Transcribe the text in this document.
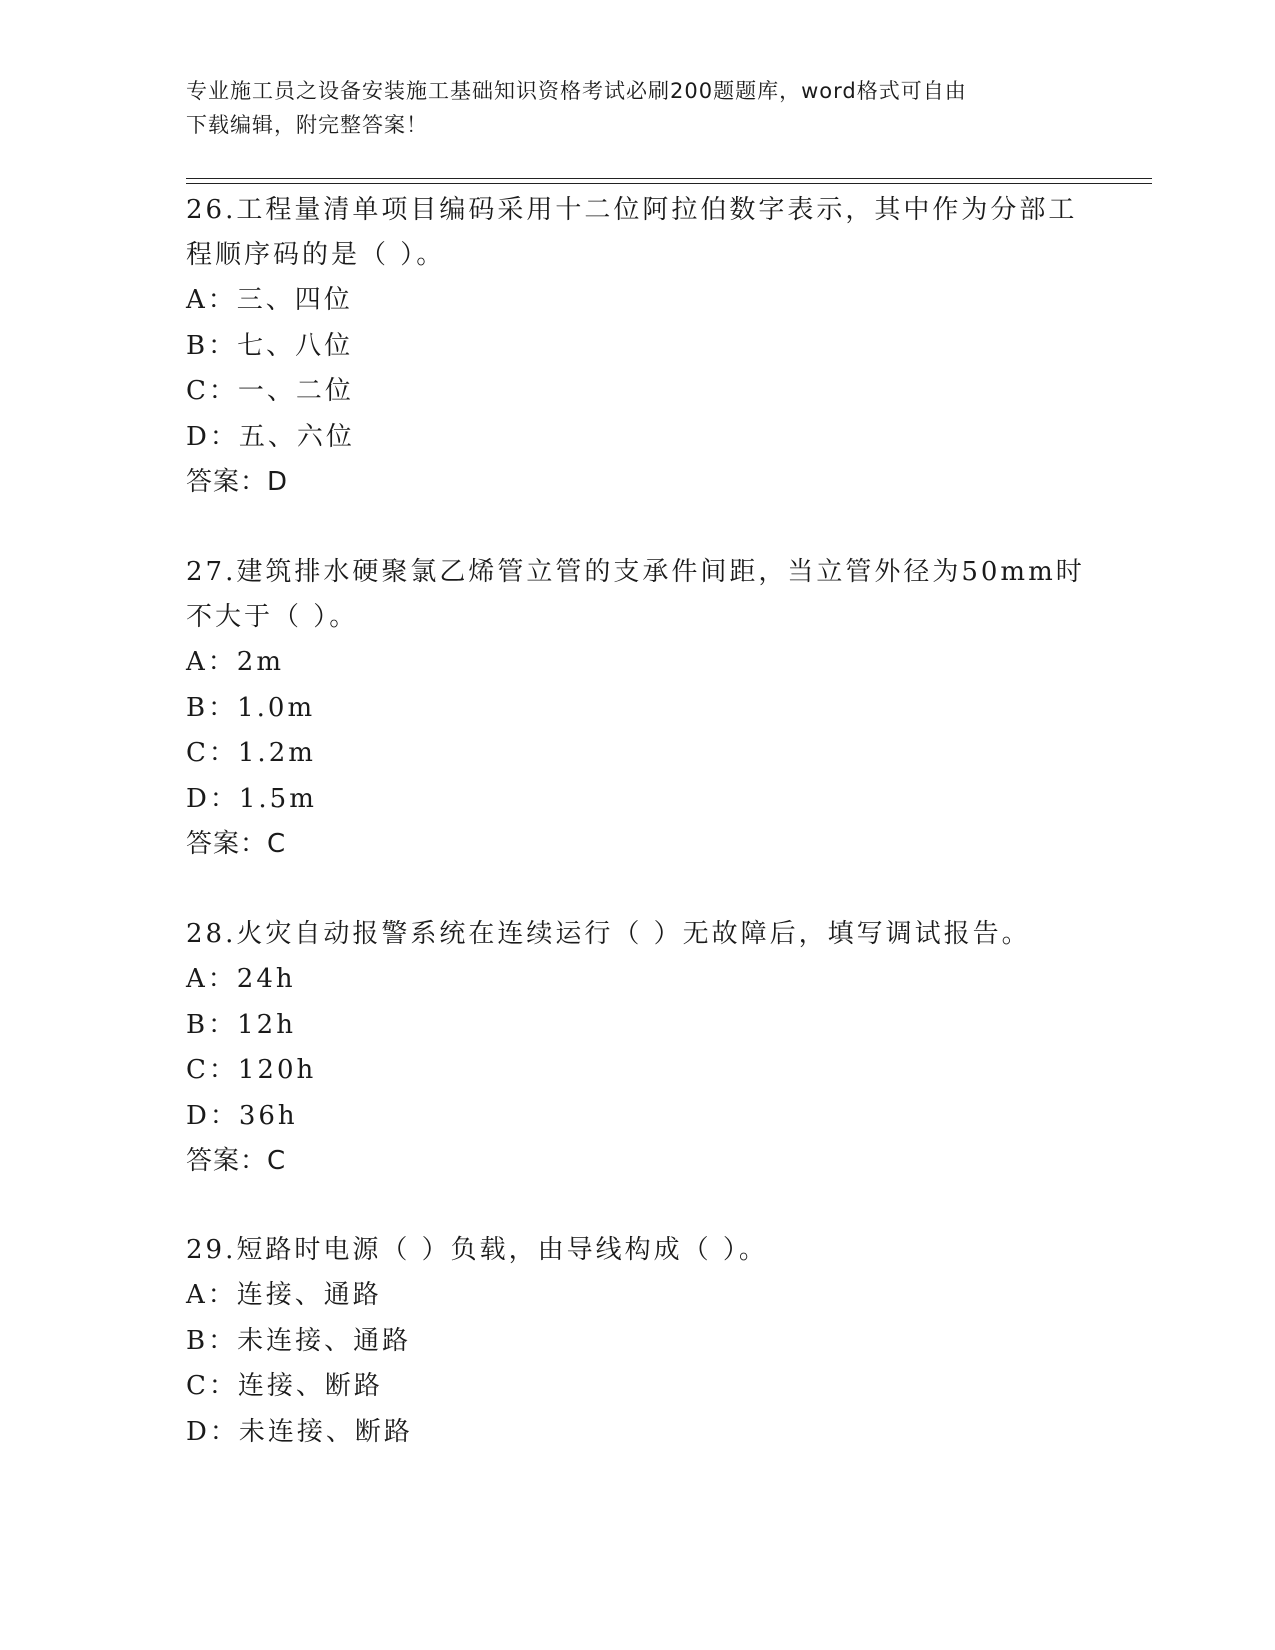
专业施工员之设备安装施工基础知识资格考试必刷200题题库，word格式可自由
下载编辑，附完整答案！
26.工程量清单项目编码采用十二位阿拉伯数字表示，其中作为分部工
程顺序码的是（ ）。
A：三、四位
B：七、八位
C：一、二位
D：五、六位
答案：D
27.建筑排水硬聚氯乙烯管立管的支承件间距，当立管外径为50mm时
不大于（ ）。
A：2m
B：1.0m
C：1.2m
D：1.5m
答案：C
28.火灾自动报警系统在连续运行（ ）无故障后，填写调试报告。
A：24h
B：12h
C：120h
D：36h
答案：C
29.短路时电源（ ）负载，由导线构成（ ）。
A：连接、通路
B：未连接、通路
C：连接、断路
D：未连接、断路
